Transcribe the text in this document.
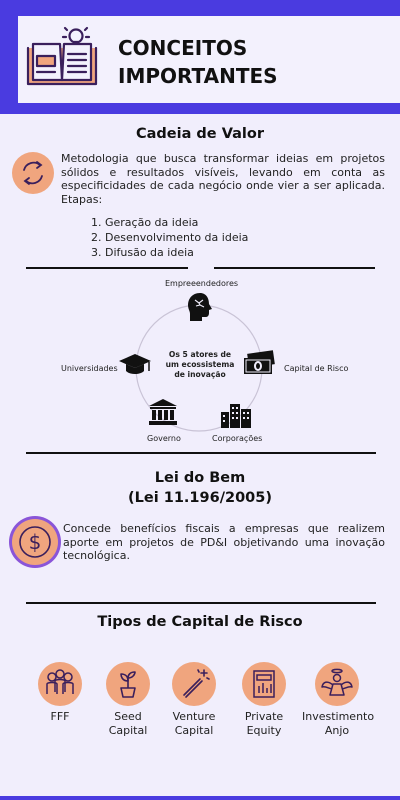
CONCEITOS
IMPORTANTES
Cadeia de Valor
Metodologia que busca transformar ideias em projetos sólidos e resultados visíveis, levando em conta as especificidades de cada negócio onde vier a ser aplicada. Etapas:
1. Geração da ideia
2. Desenvolvimento da ideia
3. Difusão da ideia
Empreeendedores
Capital de Risco
Corporações
Governo
Universidades
Os 5 atores de
um ecossistema
de inovação
Lei do Bem
(Lei 11.196/2005)
$
Concede benefícios fiscais a empresas que realizem aporte em projetos de PD&I objetivando uma inovação tecnológica.
Tipos de Capital de Risco
FFF	Seed
Capital
Venture
Capital
Private
Equity
Investimento
Anjo
